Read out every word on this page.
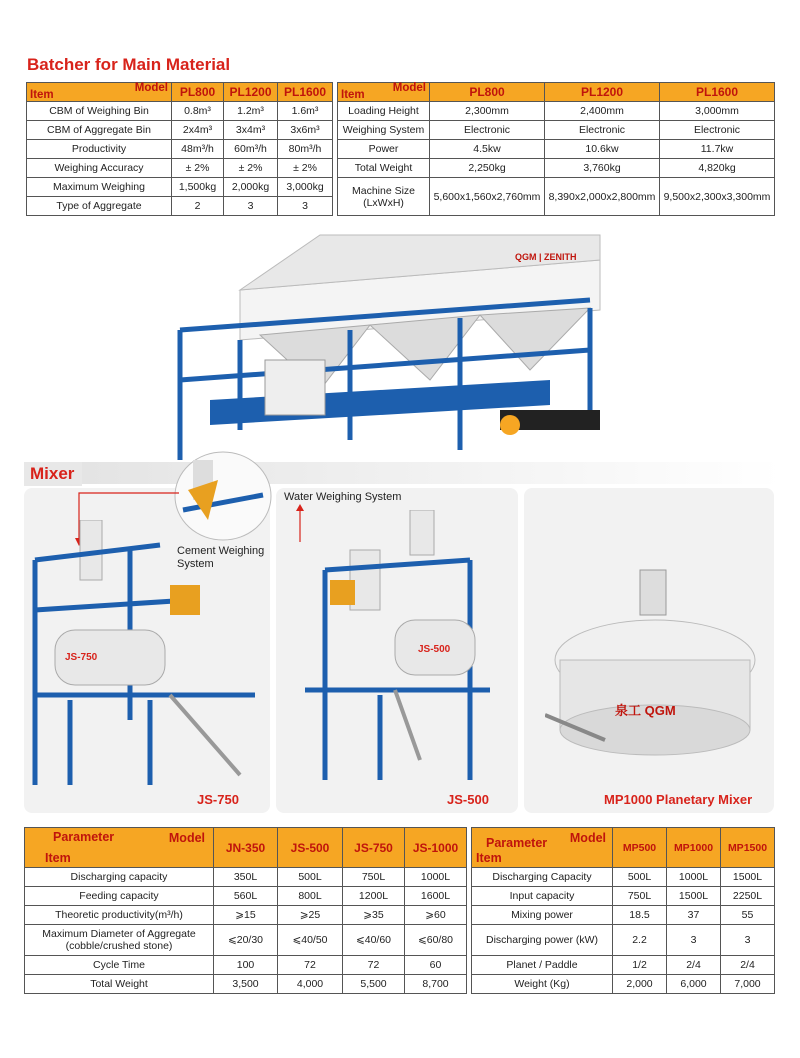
Batcher for Main Material
Model
Item	PL800	PL1200	PL1600
CBM of Weighing Bin	0.8m³	1.2m³	1.6m³
CBM of Aggregate Bin	2x4m³	3x4m³	3x6m³
Productivity	48m³/h	60m³/h	80m³/h
Weighing Accuracy	± 2%	± 2%	± 2%
Maximum Weighing	1,500kg	2,000kg	3,000kg
Type of Aggregate	2	3	3
Model
Item	PL800	PL1200	PL1600
Loading Height	2,300mm	2,400mm	3,000mm
Weighing System	Electronic	Electronic	Electronic
Power	4.5kw	10.6kw	11.7kw
Total Weight	2,250kg	3,760kg	4,820kg
Machine Size (LxWxH)	5,600x1,560x2,760mm	8,390x2,000x2,800mm	9,500x2,300x3,300mm
QGM | ZENITH
Mixer
Cement Weighing System
JS-750
JS-750
Water Weighing System
JS-500
JS-500
泉工 QGM
MP1000 Planetary Mixer
Parameter Model
Item	JN-350	JS-500	JS-750	JS-1000
Discharging capacity	350L	500L	750L	1000L
Feeding capacity	560L	800L	1200L	1600L
Theoretic productivity(m³/h)	⩾15	⩾25	⩾35	⩾60
Maximum Diameter of Aggregate (cobble/crushed stone)	⩽20/30	⩽40/50	⩽40/60	⩽60/80
Cycle Time	100	72	72	60
Total Weight	3,500	4,000	5,500	8,700
Parameter Model
Item	MP500	MP1000	MP1500
Discharging Capacity	500L	1000L	1500L
Input capacity	750L	1500L	2250L
Mixing power	18.5	37	55
Discharging power (kW)	2.2	3	3
Planet / Paddle	1/2	2/4	2/4
Weight (Kg)	2,000	6,000	7,000
